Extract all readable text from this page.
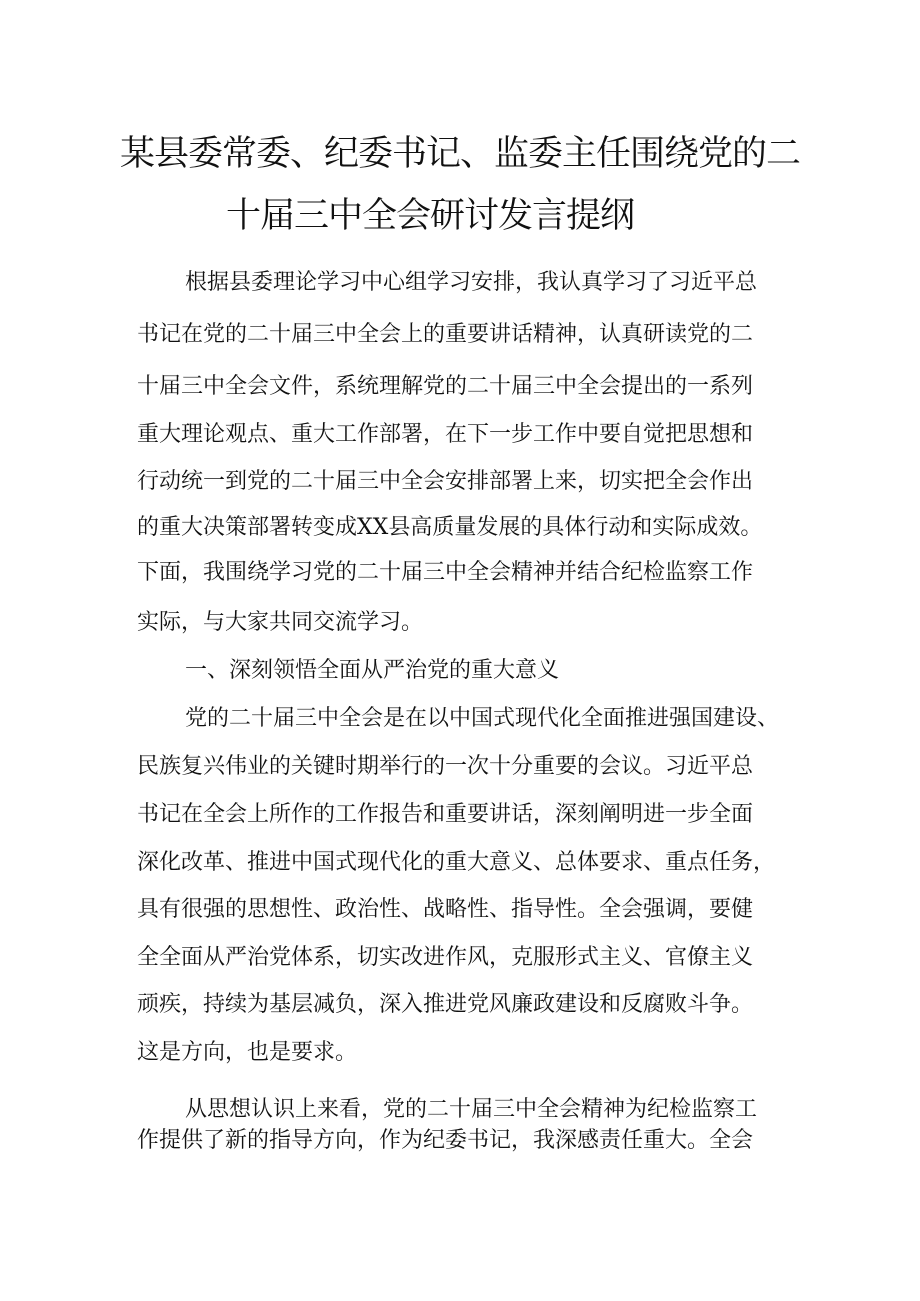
某县委常委、纪委书记、监委主任围绕党的二
十届三中全会研讨发言提纲
根据县委理论学习中心组学习安排，我认真学习了习近平总
书记在党的二十届三中全会上的重要讲话精神，认真研读党的二
十届三中全会文件，系统理解党的二十届三中全会提出的一系列
重大理论观点、重大工作部署，在下一步工作中要自觉把思想和
行动统一到党的二十届三中全会安排部署上来，切实把全会作出
的重大决策部署转变成XX县高质量发展的具体行动和实际成效。
下面，我围绕学习党的二十届三中全会精神并结合纪检监察工作
实际，与大家共同交流学习。
一、深刻领悟全面从严治党的重大意义
党的二十届三中全会是在以中国式现代化全面推进强国建设、
民族复兴伟业的关键时期举行的一次十分重要的会议。习近平总
书记在全会上所作的工作报告和重要讲话，深刻阐明进一步全面
深化改革、推进中国式现代化的重大意义、总体要求、重点任务，
具有很强的思想性、政治性、战略性、指导性。全会强调，要健
全全面从严治党体系，切实改进作风，克服形式主义、官僚主义
顽疾，持续为基层减负，深入推进党风廉政建设和反腐败斗争。
这是方向，也是要求。
从思想认识上来看，党的二十届三中全会精神为纪检监察工
作提供了新的指导方向，作为纪委书记，我深感责任重大。全会
